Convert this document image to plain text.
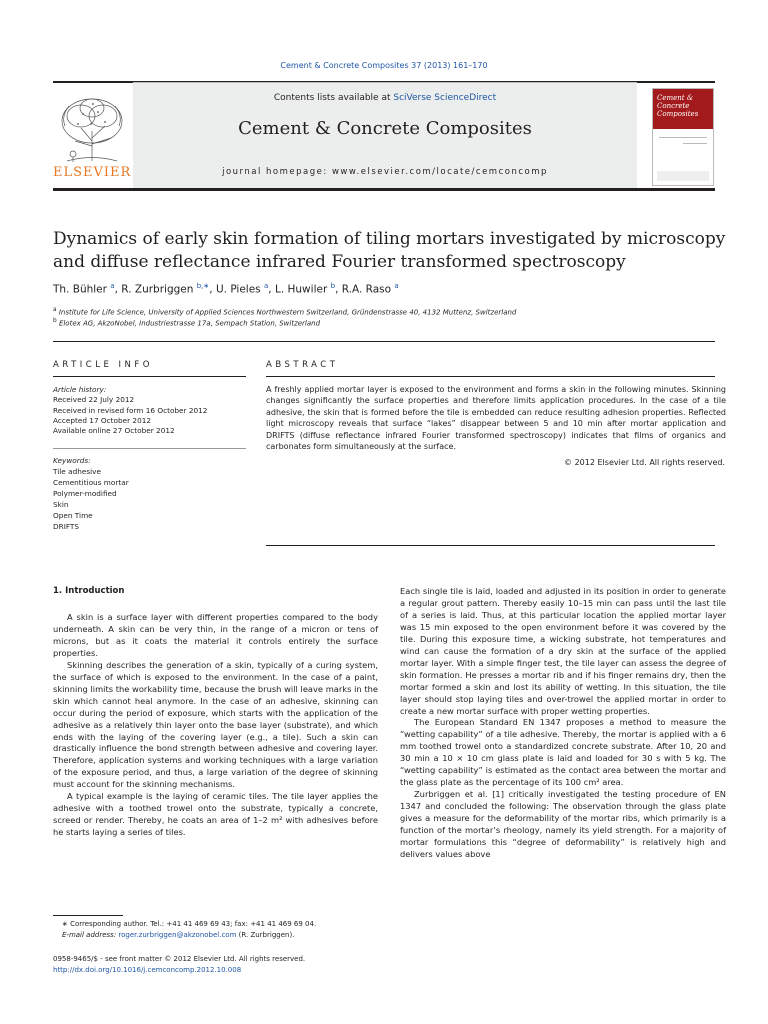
Cement & Concrete Composites 37 (2013) 161–170
ELSEVIER
Contents lists available at SciVerse ScienceDirect
Cement & Concrete Composites
journal homepage: www.elsevier.com/locate/cemconcomp
Cement &
Concrete
Composites
Dynamics of early skin formation of tiling mortars investigated by microscopy and diffuse reflectance infrared Fourier transformed spectroscopy
Th. Bühler $^a$, R. Zurbriggen $^{b,∗}$, U. Pieles $^a$, L. Huwiler $^b$, R.A. Raso $^a$
$^a$ Institute for Life Science, University of Applied Sciences Northwestern Switzerland, Gründenstrasse 40, 4132 Muttenz, Switzerland
$^b$ Elotex AG, AkzoNobel, Industriestrasse 17a, Sempach Station, Switzerland
ARTICLE INFO	ABSTRACT
Article history:
Received 22 July 2012
Received in revised form 16 October 2012
Accepted 17 October 2012
Available online 27 October 2012
Keywords:
Tile adhesive
Cementitious mortar
Polymer-modified
Skin
Open Time
DRIFTS
A freshly applied mortar layer is exposed to the environment and forms a skin in the following minutes. Skinning changes significantly the surface properties and therefore limits application procedures. In the case of a tile adhesive, the skin that is formed before the tile is embedded can reduce resulting adhesion properties. Reflected light microscopy reveals that surface “lakes” disappear between 5 and 10 min after mortar application and DRIFTS (diffuse reflectance infrared Fourier transformed spectroscopy) indicates that films of organics and carbonates form simultaneously at the surface.
© 2012 Elsevier Ltd. All rights reserved.
1. Introduction

A skin is a surface layer with different properties compared to the body underneath. A skin can be very thin, in the range of a micron or tens of microns, but as it coats the material it controls entirely the surface properties.

Skinning describes the generation of a skin, typically of a curing system, the surface of which is exposed to the environment. In the case of a paint, skinning limits the workability time, because the brush will leave marks in the skin which cannot heal anymore. In the case of an adhesive, skinning can occur during the period of exposure, which starts with the application of the adhesive as a relatively thin layer onto the base layer (substrate), and which ends with the laying of the covering layer (e.g., a tile). Such a skin can drastically influence the bond strength between adhesive and covering layer. Therefore, application systems and working techniques with a large variation of the exposure period, and thus, a large variation of the degree of skinning must account for the skinning mechanisms.

A typical example is the laying of ceramic tiles. The tile layer applies the adhesive with a toothed trowel onto the substrate, typically a concrete, screed or render. Thereby, he coats an area of 1–2 m² with adhesives before he starts laying a series of tiles.

Each single tile is laid, loaded and adjusted in its position in order to generate a regular grout pattern. Thereby easily 10–15 min can pass until the last tile of a series is laid. Thus, at this particular location the applied mortar layer was 15 min exposed to the open environment before it was covered by the tile. During this exposure time, a wicking substrate, hot temperatures and wind can cause the formation of a dry skin at the surface of the applied mortar layer. With a simple finger test, the tile layer can assess the degree of skin formation. He presses a mortar rib and if his finger remains dry, then the mortar formed a skin and lost its ability of wetting. In this situation, the tile layer should stop laying tiles and over-trowel the applied mortar in order to create a new mortar surface with proper wetting properties.

The European Standard EN 1347 proposes a method to measure the “wetting capability” of a tile adhesive. Thereby, the mortar is applied with a 6 mm toothed trowel onto a standardized concrete substrate. After 10, 20 and 30 min a 10 × 10 cm glass plate is laid and loaded for 30 s with 5 kg. The “wetting capability” is estimated as the contact area between the mortar and the glass plate as the percentage of its 100 cm² area.

Zurbriggen et al. [1] critically investigated the testing procedure of EN 1347 and concluded the following: The observation through the glass plate gives a measure for the deformability of the mortar ribs, which primarily is a function of the mortar’s rheology, namely its yield strength. For a majority of mortar formulations this “degree of deformability” is relatively high and delivers values above

∗ Corresponding author. Tel.: +41 41 469 69 43; fax: +41 41 469 69 04.
E-mail address: roger.zurbriggen@akzonobel.com (R. Zurbriggen).
0958-9465/$ - see front matter © 2012 Elsevier Ltd. All rights reserved.
http://dx.doi.org/10.1016/j.cemconcomp.2012.10.008
